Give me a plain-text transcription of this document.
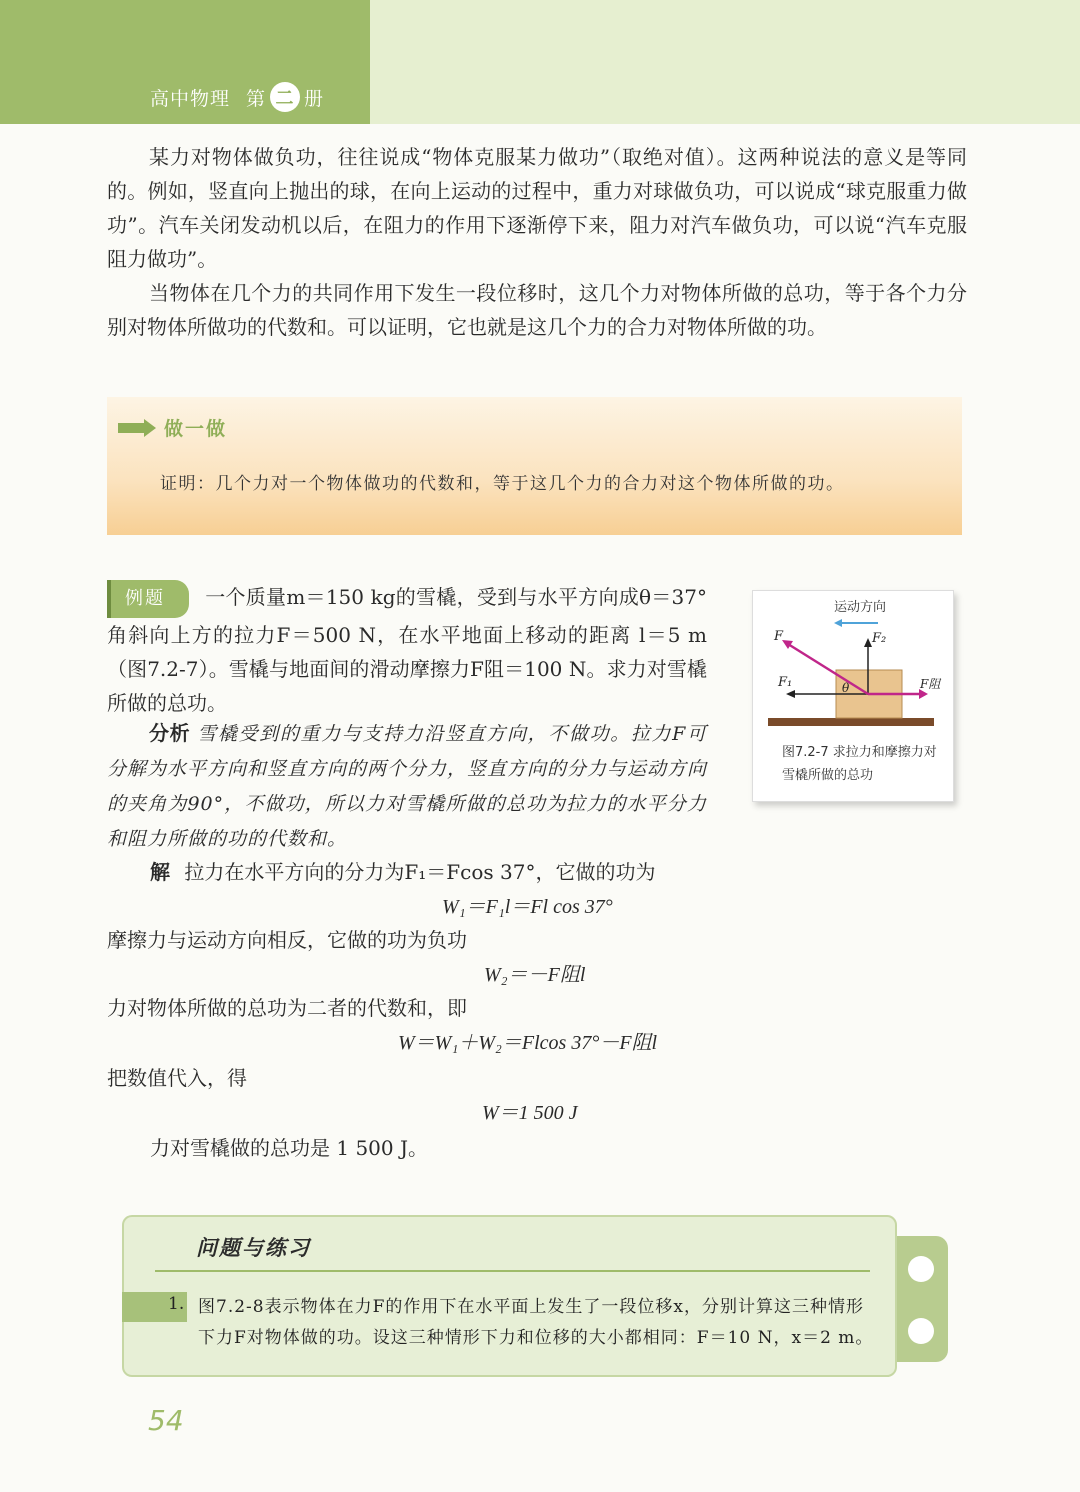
高中物理 第 二 册

某力对物体做负功，往往说成“物体克服某力做功”（取绝对值）。这两种说法的意义是等同的。例如，竖直向上抛出的球，在向上运动的过程中，重力对球做负功，可以说成“球克服重力做功”。汽车关闭发动机以后，在阻力的作用下逐渐停下来，阻力对汽车做负功，可以说“汽车克服阻力做功”。

当物体在几个力的共同作用下发生一段位移时，这几个力对物体所做的总功，等于各个力分别对物体所做功的代数和。可以证明，它也就是这几个力的合力对物体所做的功。

做一做
证明：几个力对一个物体做功的代数和，等于这几个力的合力对这个物体所做的功。
例题 一个质量m＝150 kg的雪橇，受到与水平方向成θ＝37° 角斜向上方的拉力F＝500 N，在水平地面上移动的距离 l＝5 m（图7.2-7）。雪橇与地面间的滑动摩擦力F阻＝100 N。求力对雪橇所做的总功。
分析 雪橇受到的重力与支持力沿竖直方向，不做功。拉力F可分解为水平方向和竖直方向的两个分力，竖直方向的分力与运动方向的夹角为90°，不做功，所以力对雪橇所做的总功为拉力的水平分力和阻力所做的功的代数和。
运动方向
F	F₂
F₁	θ	F阻
图7.2-7 求拉力和摩擦力对雪橇所做的总功
解 拉力在水平方向的分力为F₁＝Fcos 37°，它做的功为
W₁＝F₁l＝Fl cos 37°
摩擦力与运动方向相反，它做的功为负功
W₂＝－F阻l
力对物体所做的总功为二者的代数和，即
W＝W₁＋W₂＝Flcos 37°－F阻l
把数值代入，得
W＝1 500 J
力对雪橇做的总功是 1 500 J。
问题与练习
1. 图7.2-8表示物体在力F的作用下在水平面上发生了一段位移x，分别计算这三种情形下力F对物体做的功。设这三种情形下力和位移的大小都相同：F＝10 N，x＝2 m。
54
